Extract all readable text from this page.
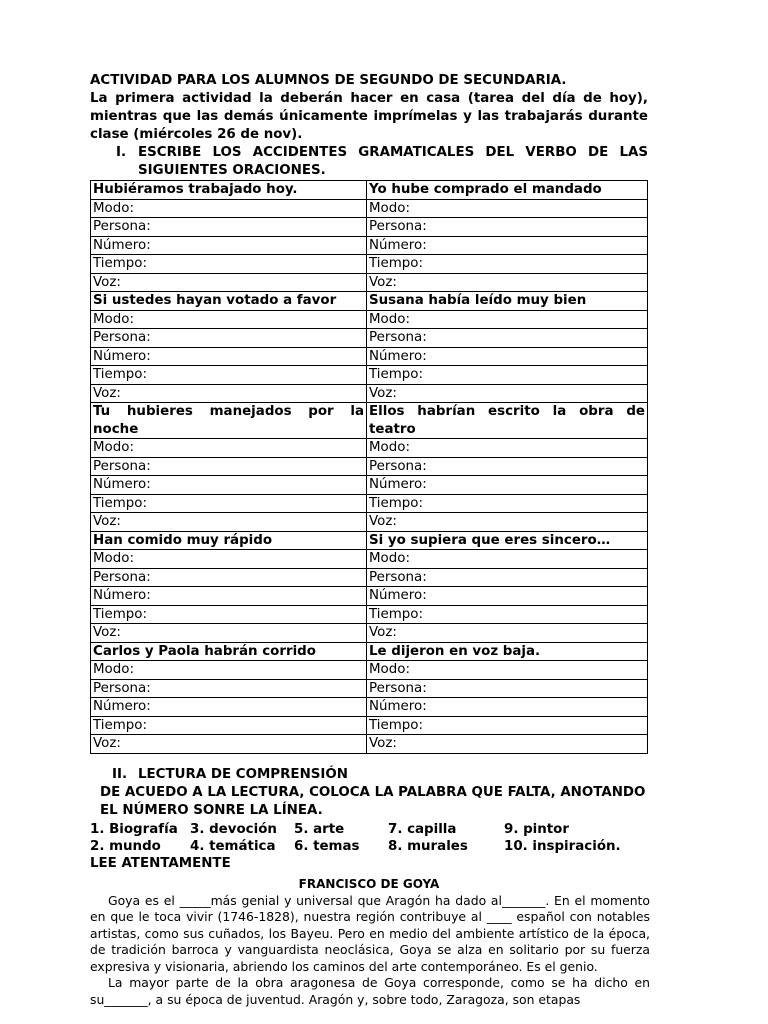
ACTIVIDAD PARA LOS ALUMNOS DE SEGUNDO DE SECUNDARIA.

La primera actividad la deberán hacer en casa (tarea del día de hoy), mientras que las demás únicamente imprímelas y las trabajarás durante clase (miércoles 26 de nov).

I. ESCRIBE LOS ACCIDENTES GRAMATICALES DEL VERBO DE LAS SIGUIENTES ORACIONES.
Hubiéramos trabajado hoy.	Yo hube comprado el mandado
Modo:	Modo:
Persona:	Persona:
Número:	Número:
Tiempo:	Tiempo:
Voz:	Voz:
Si ustedes hayan votado a favor	Susana había leído muy bien
Modo:	Modo:
Persona:	Persona:
Número:	Número:
Tiempo:	Tiempo:
Voz:	Voz:
Tu hubieres manejados por la noche	Ellos habrían escrito la obra de teatro
Modo:	Modo:
Persona:	Persona:
Número:	Número:
Tiempo:	Tiempo:
Voz:	Voz:
Han comido muy rápido	Si yo supiera que eres sincero…
Modo:	Modo:
Persona:	Persona:
Número:	Número:
Tiempo:	Tiempo:
Voz:	Voz:
Carlos y Paola habrán corrido	Le dijeron en voz baja.
Modo:	Modo:
Persona:	Persona:
Número:	Número:
Tiempo:	Tiempo:
Voz:	Voz:
II. LECTURA DE COMPRENSIÓN
DE ACUEDO A LA LECTURA, COLOCA LA PALABRA QUE FALTA, ANOTANDO EL NÚMERO SONRE LA LÍNEA.
1. Biografía 3. devoción	5. arte	7. capilla	9. pintor
2. mundo	4. temática	6. temas	8. murales	10. inspiración.
LEE ATENTAMENTE
FRANCISCO DE GOYA

Goya es el _____más genial y universal que Aragón ha dado al_______. En el momento en que le toca vivir (1746-1828), nuestra región contribuye al ____ español con notables artistas, como sus cuñados, los Bayeu. Pero en medio del ambiente artístico de la época, de tradición barroca y vanguardista neoclásica, Goya se alza en solitario por su fuerza expresiva y visionaria, abriendo los caminos del arte contemporáneo. Es el genio.

La mayor parte de la obra aragonesa de Goya corresponde, como se ha dicho en su_______, a su época de juventud. Aragón y, sobre todo, Zaragoza, son etapas
